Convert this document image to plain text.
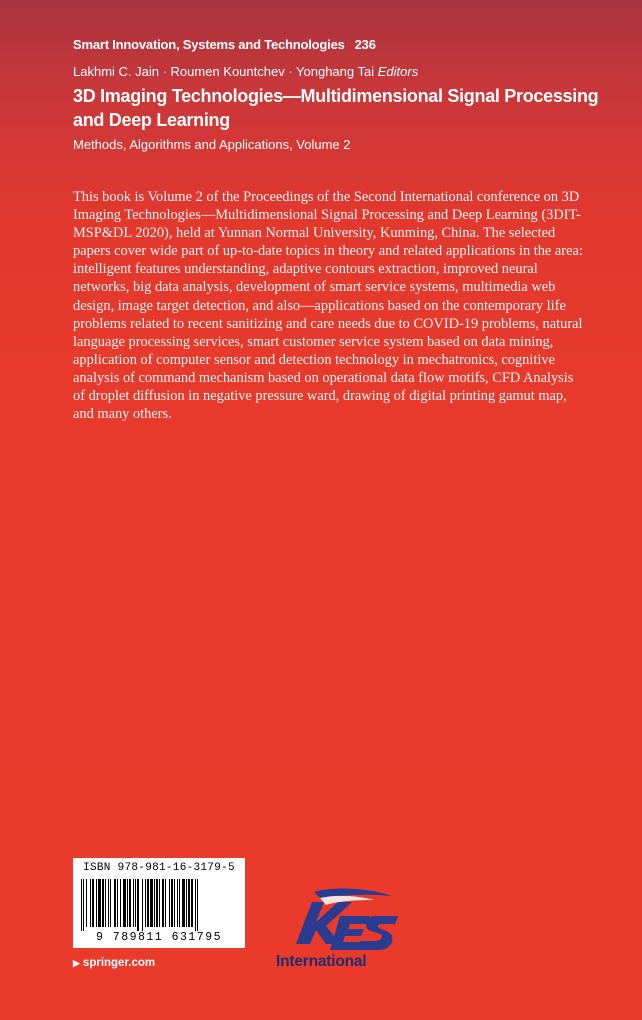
Smart Innovation, Systems and Technologies 236
Lakhmi C. Jain · Roumen Kountchev · Yonghang Tai Editors
3D Imaging Technologies—Multidimensional Signal Processing and Deep Learning
Methods, Algorithms and Applications, Volume 2
This book is Volume 2 of the Proceedings of the Second International conference on 3D Imaging Technologies—Multidimensional Signal Processing and Deep Learning (3DIT-MSP&DL 2020), held at Yunnan Normal University, Kunming, China. The selected papers cover wide part of up-to-date topics in theory and related applications in the area: intelligent features understanding, adaptive contours extraction, improved neural networks, big data analysis, development of smart service systems, multimedia web design, image target detection, and also—applications based on the contemporary life problems related to recent sanitizing and care needs due to COVID-19 problems, natural language processing services, smart customer service system based on data mining, application of computer sensor and detection technology in mechatronics, cognitive analysis of command mechanism based on operational data flow motifs, CFD Analysis of droplet diffusion in negative pressure ward, drawing of digital printing gamut map, and many others.
ISBN 978-981-16-3179-5
9 789811 631795
▶ springer.com	International
